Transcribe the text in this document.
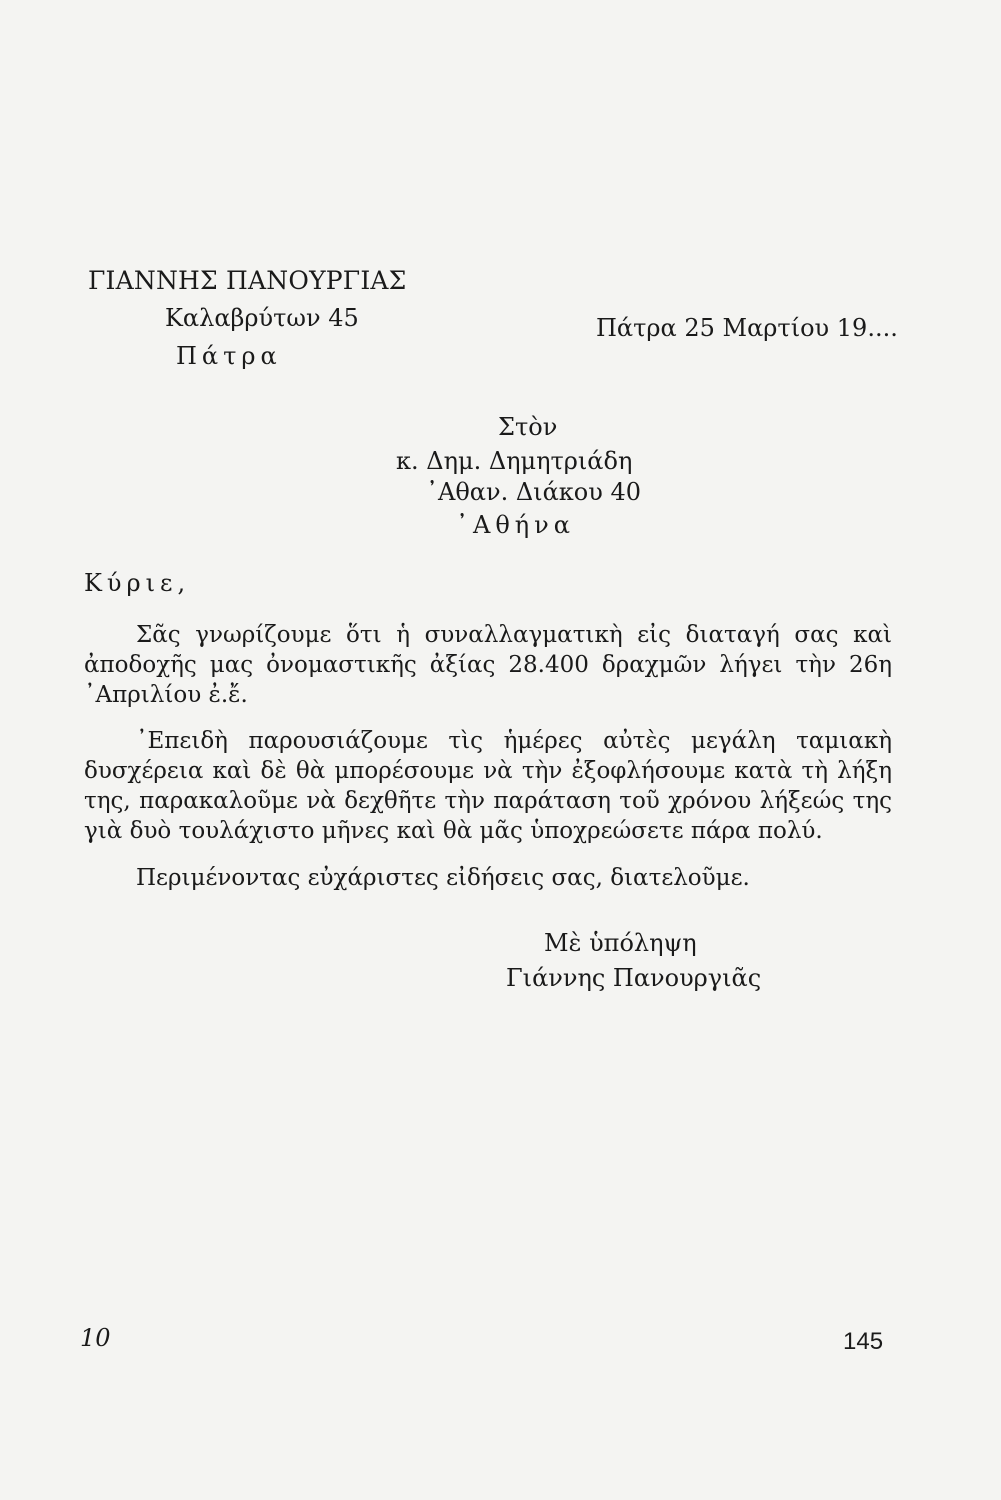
ΓΙΑΝΝΗΣ ΠΑΝΟΥΡΓΙΑΣ
Καλαβρύτων 45
Πάτρα
Πάτρα 25 Μαρτίου 19....
Στὸν
κ. Δημ. Δημητριάδη
᾿Αθαν. Διάκου 40
᾿Αθήνα
Κύριε,
Σᾶς γνωρίζουμε ὅτι ἡ συναλλαγματικὴ εἰς διαταγή σας καὶ ἀποδοχῆς μας ὀνομαστικῆς ἀξίας 28.400 δραχμῶν λήγει τὴν 26η ᾿Απριλίου ἐ.ἔ.
᾿Επειδὴ παρουσιάζουμε τὶς ἡμέρες αὐτὲς μεγάλη ταμιακὴ δυσχέρεια καὶ δὲ θὰ μπορέσουμε νὰ τὴν ἐξοφλήσουμε κατὰ τὴ λήξη της, παρακαλοῦμε νὰ δεχθῆτε τὴν παράταση τοῦ χρόνου λήξεώς της γιὰ δυὸ τουλάχιστο μῆνες καὶ θὰ μᾶς ὑποχρεώσετε πάρα πολύ.
Περιμένοντας εὐχάριστες εἰδήσεις σας, διατελοῦμε.
Μὲ ὑπόληψη
Γιάννης Πανουργιᾶς
10	145
